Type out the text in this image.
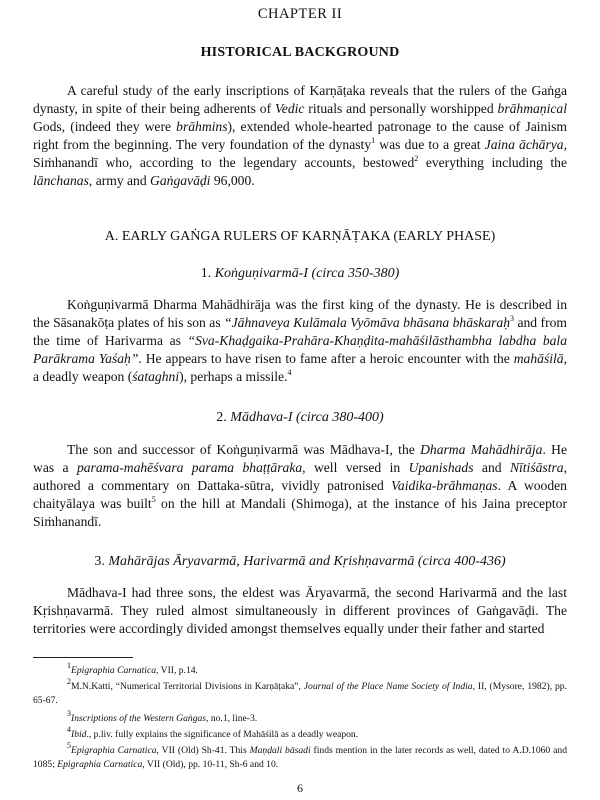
CHAPTER II
HISTORICAL BACKGROUND

A careful study of the early inscriptions of Karṇāṭaka reveals that the rulers of the Gaṅga dynasty, in spite of their being adherents of Vedic rituals and personally worshipped brāhmaṇical Gods, (indeed they were brāhmins), extended whole-hearted patronage to the cause of Jainism right from the beginning. The very foundation of the dynasty$^1$ was due to a great Jaina āchārya, Siṁhanandī who, according to the legendary accounts, bestowed$^2$ everything including the lānchanas, army and Gaṅgavāḍi 96,000.

A. EARLY GAṄGA RULERS OF KARṆĀṬAKA (EARLY PHASE)
1. Koṅguṇivarmā-I (circa 350-380)

Koṅguṇivarmā Dharma Mahādhirāja was the first king of the dynasty. He is described in the Sāsanakōṭa plates of his son as “Jāhnaveya Kulāmala Vyōmāva bhāsana bhāskaraḥ$^3$ and from the time of Harivarma as “Sva-Khaḍgaika-Prahāra-Khaṇḍita-mahāśilāsthambha labdha bala Parākrama Yaśaḥ”. He appears to have risen to fame after a heroic encounter with the mahāśilā, a deadly weapon (śataghni), perhaps a missile.$^4$

2. Mādhava-I (circa 380-400)

The son and successor of Koṅguṇivarmā was Mādhava-I, the Dharma Mahādhirāja. He was a parama-mahēśvara parama bhaṭṭāraka, well versed in Upanishads and Nītiśāstra, authored a commentary on Dattaka-sūtra, vividly patronised Vaidika-brāhmaṇas. A wooden chaityālaya was built$^5$ on the hill at Mandali (Shimoga), at the instance of his Jaina preceptor Siṁhanandī.

3. Mahārājas Āryavarmā, Harivarmā and Kṛishṇavarmā (circa 400-436)

Mādhava-I had three sons, the eldest was Āryavarmā, the second Harivarmā and the last Kṛishṇavarmā. They ruled almost simultaneously in different provinces of Gaṅgavāḍi. The territories were accordingly divided amongst themselves equally under their father and started

$^1$Epigraphia Carnatica, VII, p.14.

$^2$M.N.Katti, “Numerical Territorial Divisions in Karṇāṭaka”, Journal of the Place Name Society of India, II, (Mysore, 1982), pp. 65-67.

$^3$Inscriptions of the Western Gaṅgas, no.1, line-3.

$^4$Ibid., p.liv. fully explains the significance of Mahāśilā as a deadly weapon.

$^5$Epigraphia Carnatica, VII (Old) Sh-41. This Maṇḍali bāsadi finds mention in the later records as well, dated to A.D.1060 and 1085; Epigraphia Carnatica, VII (Old), pp. 10-11, Sh-6 and 10.

6
